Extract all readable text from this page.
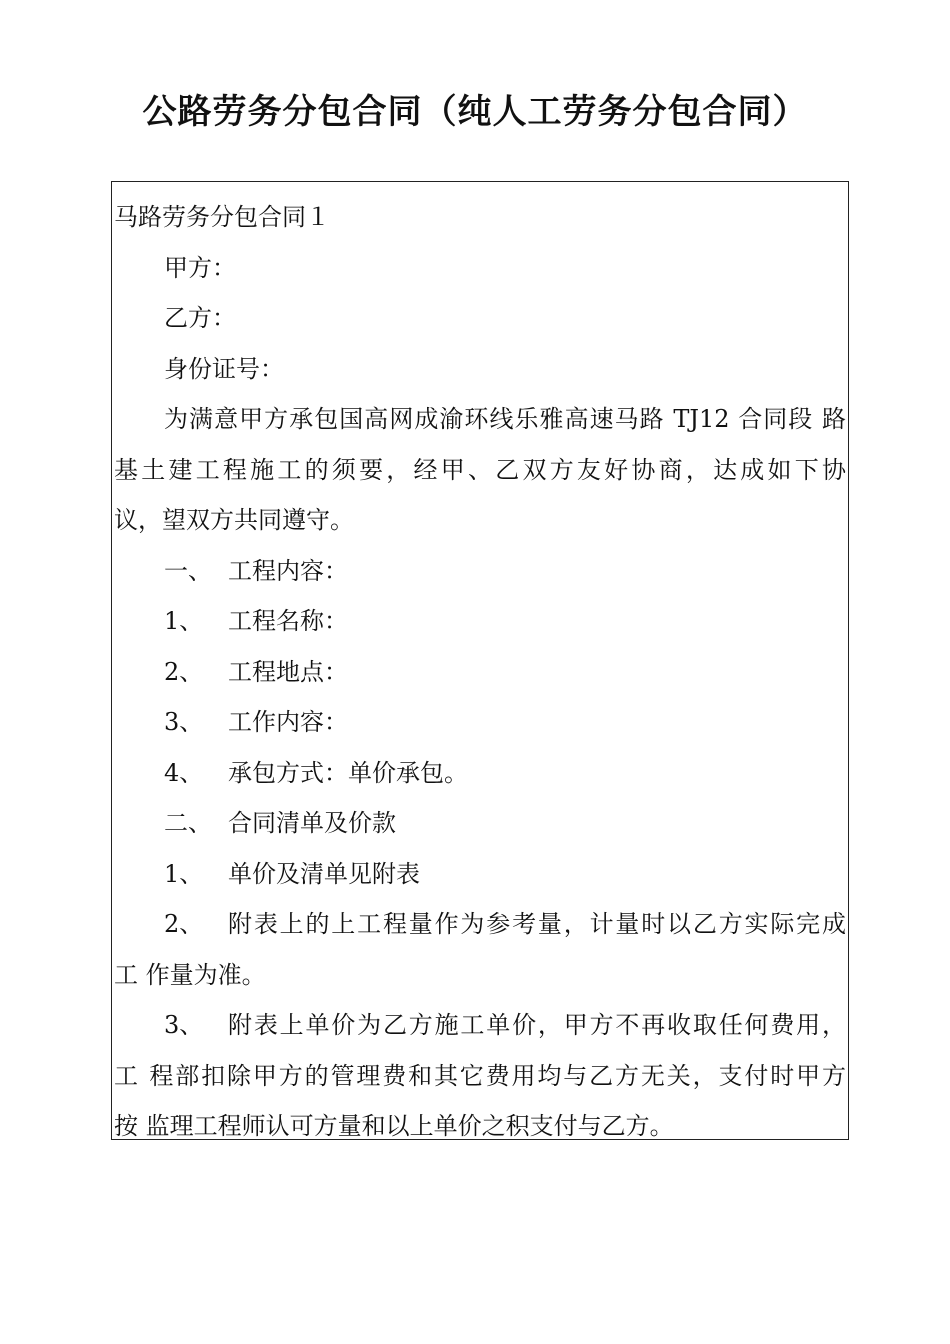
公路劳务分包合同（纯人工劳务分包合同）
马路劳务分包合同１
甲方：
乙方：
身份证号：
为满意甲方承包国高网成渝环线乐雅高速马路 TJ12 合同段 路
基土建工程施工的须要，经甲、乙双方友好协商，达成如下协
议，望双方共同遵守。
一、 工程内容：
1、 工程名称：
2、 工程地点：
3、 工作内容：
4、 承包方式：单价承包。
二、 合同清单及价款
1、 单价及清单见附表
2、	附表上的上工程量作为参考量，计量时以乙方实际完成
工 作量为准。
3、	附表上单价为乙方施工单价，甲方不再收取任何费用，
工 程部扣除甲方的管理费和其它费用均与乙方无关，支付时甲方
按 监理工程师认可方量和以上单价之积支付与乙方。
